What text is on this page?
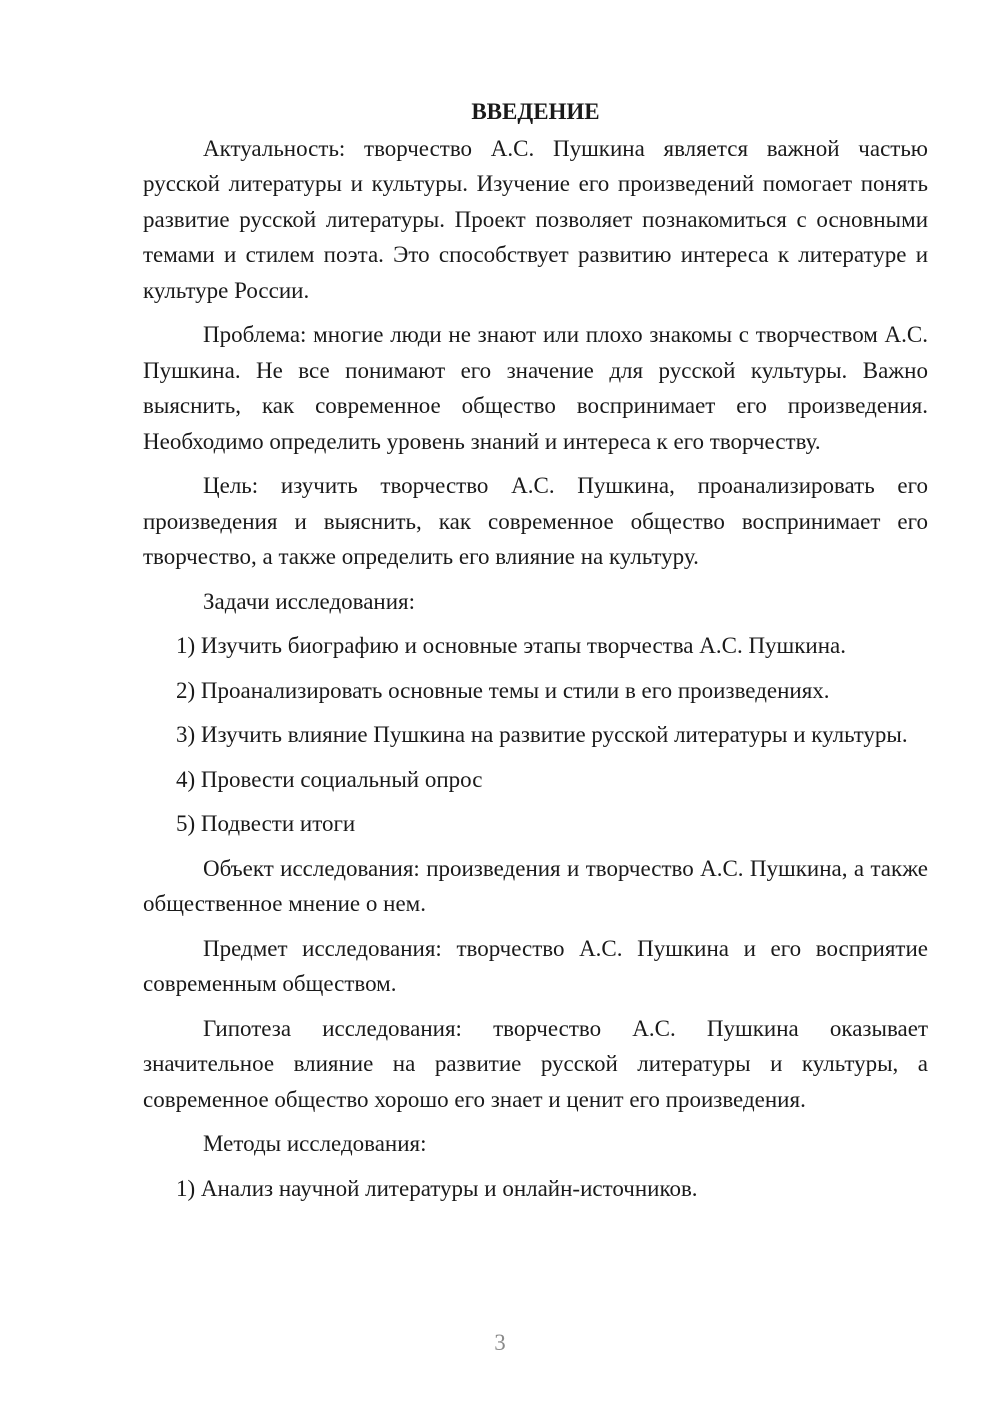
ВВЕДЕНИЕ

Актуальность: творчество А.С. Пушкина является важной частью русской литературы и культуры. Изучение его произведений помогает понять развитие русской литературы. Проект позволяет познакомиться с основными темами и стилем поэта. Это способствует развитию интереса к литературе и культуре России.

Проблема: многие люди не знают или плохо знакомы с творчеством А.С. Пушкина. Не все понимают его значение для русской культуры. Важно выяснить, как современное общество воспринимает его произведения. Необходимо определить уровень знаний и интереса к его творчеству.

Цель: изучить творчество А.С. Пушкина, проанализировать его произведения и выяснить, как современное общество воспринимает его творчество, а также определить его влияние на культуру.

Задачи исследования:

1) Изучить биографию и основные этапы творчества А.С. Пушкина.

2) Проанализировать основные темы и стили в его произведениях.

3) Изучить влияние Пушкина на развитие русской литературы и культуры.

4) Провести социальный опрос

5) Подвести итоги

Объект исследования: произведения и творчество А.С. Пушкина, а также общественное мнение о нем.

Предмет исследования: творчество А.С. Пушкина и его восприятие современным обществом.

Гипотеза исследования: творчество А.С. Пушкина оказывает значительное влияние на развитие русской литературы и культуры, а современное общество хорошо его знает и ценит его произведения.

Методы исследования:

1) Анализ научной литературы и онлайн-источников.

3
